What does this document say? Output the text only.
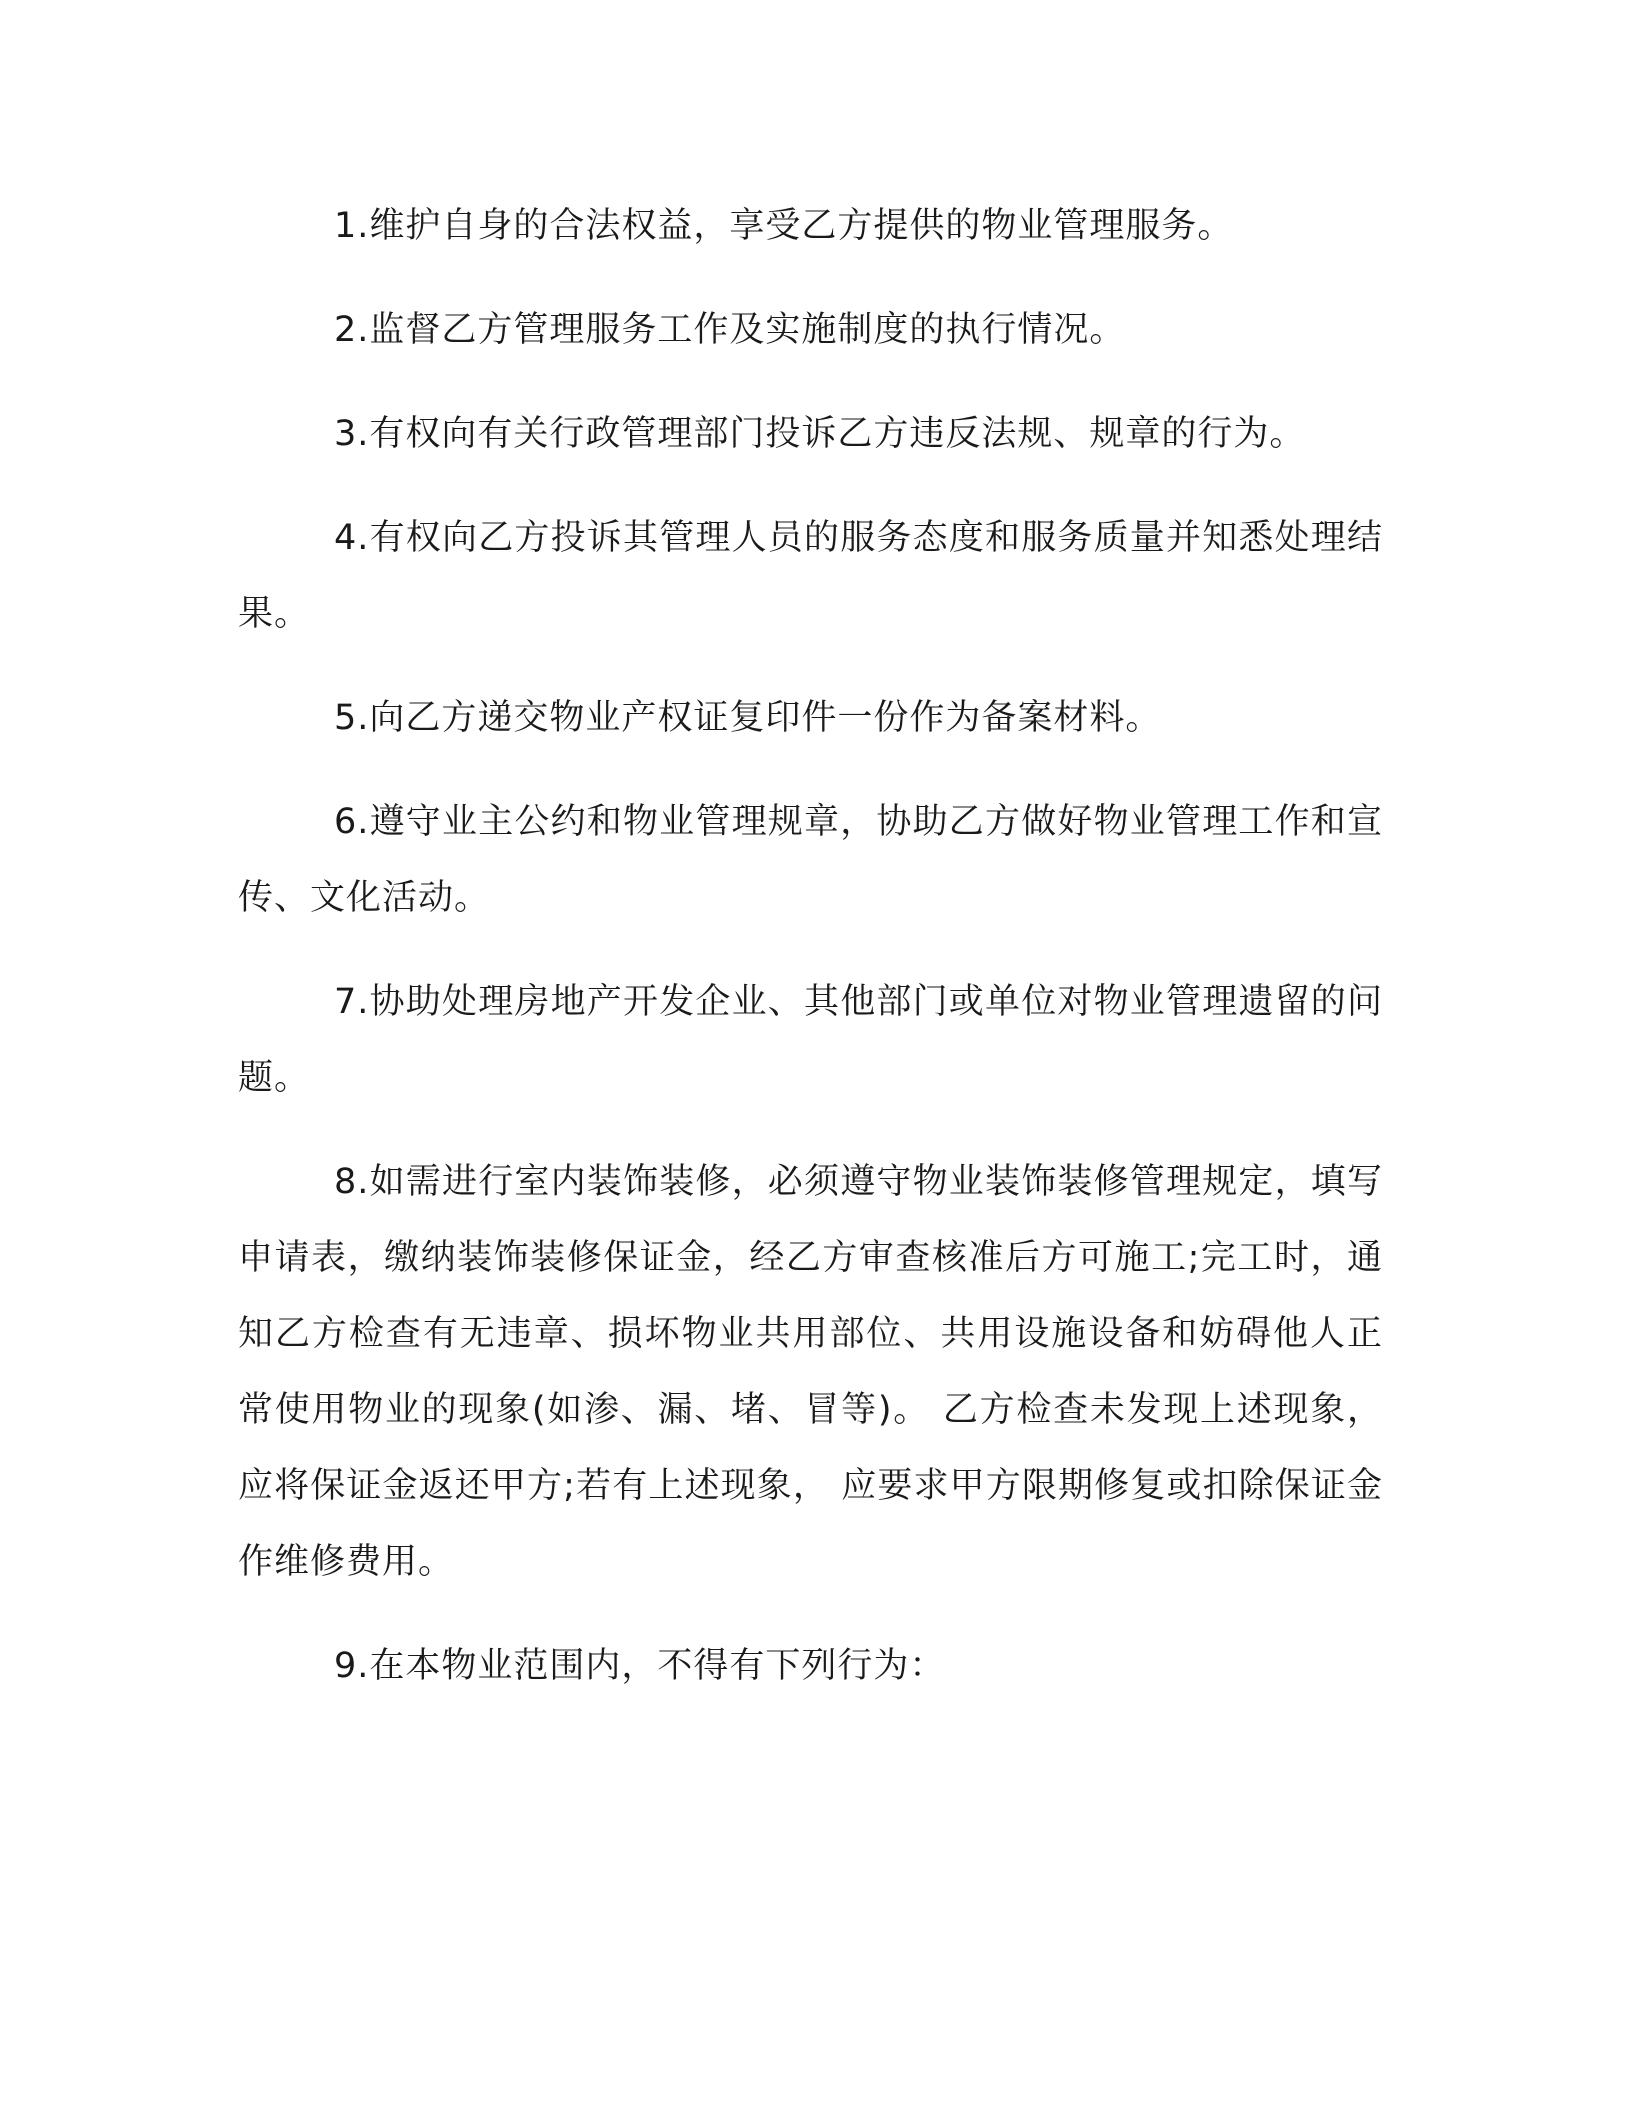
1.维护自身的合法权益，享受乙方提供的物业管理服务。

2.监督乙方管理服务工作及实施制度的执行情况。

3.有权向有关行政管理部门投诉乙方违反法规、规章的行为。

4.有权向乙方投诉其管理人员的服务态度和服务质量并知悉处理结果。

5.向乙方递交物业产权证复印件一份作为备案材料。

6.遵守业主公约和物业管理规章，协助乙方做好物业管理工作和宣传、文化活动。

7.协助处理房地产开发企业、其他部门或单位对物业管理遗留的问题。

8.如需进行室内装饰装修，必须遵守物业装饰装修管理规定，填写申请表，缴纳装饰装修保证金，经乙方审查核准后方可施工;完工时，通知乙方检查有无违章、损坏物业共用部位、共用设施设备和妨碍他人正常使用物业的现象(如渗、漏、堵、冒等)。 乙方检查未发现上述现象，应将保证金返还甲方;若有上述现象， 应要求甲方限期修复或扣除保证金作维修费用。

9.在本物业范围内，不得有下列行为：
